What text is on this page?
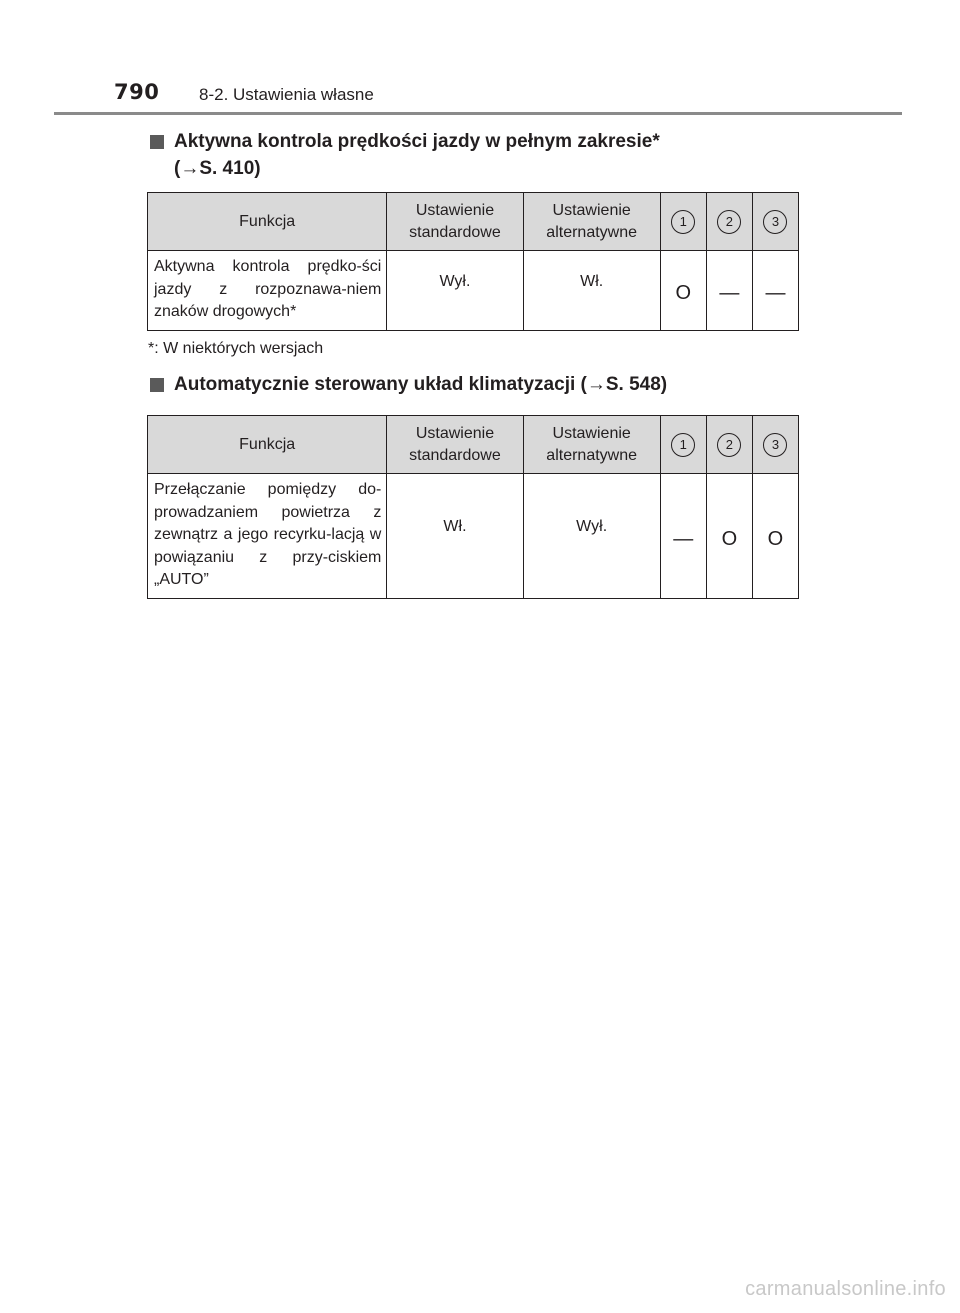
790 8-2. Ustawienia własne
Aktywna kontrola prędkości jazdy w pełnym zakresie*
(→S. 410)
Funkcja	Ustawienie standardowe	Ustawienie alternatywne	1	2	3
Aktywna kontrola prędko-ści jazdy z rozpoznawa-niem znaków drogowych*	Wył.	Wł.	O	—	—
*: W niektórych wersjach
Automatycznie sterowany układ klimatyzacji (→S. 548)
Funkcja	Ustawienie standardowe	Ustawienie alternatywne	1	2	3
Przełączanie pomiędzy do-prowadzaniem powietrza z zewnątrz a jego recyrku-lacją w powiązaniu z przy-ciskiem „AUTO”	Wł.	Wył.	—	O	O
carmanualsonline.info
